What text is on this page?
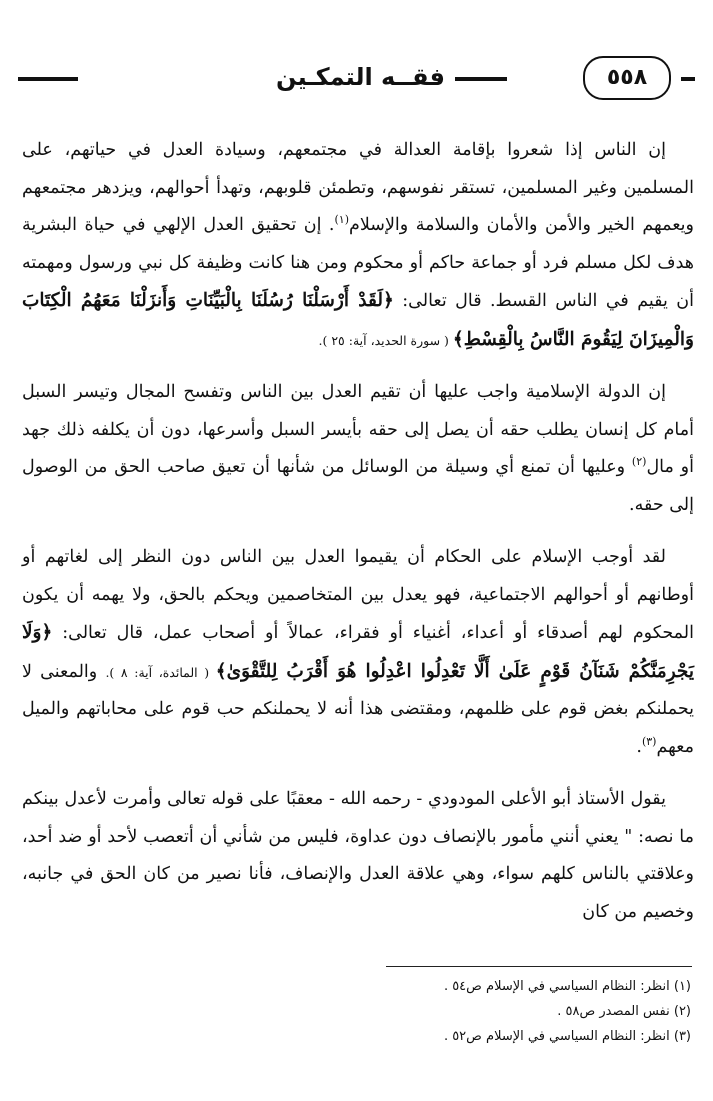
٥٥٨
فقــه التمكـين

إن الناس إذا شعروا بإقامة العدالة في مجتمعهم، وسيادة العدل في حياتهم، على المسلمين وغير المسلمين، تستقر نفوسهم، وتطمئن قلوبهم، وتهدأ أحوالهم، ويزدهر مجتمعهم ويعمهم الخير والأمن والأمان والسلامة والإسلام$^{(١)}$. إن تحقيق العدل الإلهي في حياة البشرية هدف لكل مسلم فرد أو جماعة حاكم أو محكوم ومن هنا كانت وظيفة كل نبي ورسول ومهمته أن يقيم في الناس القسط. قال تعالى: ﴿لَقَدْ أَرْسَلْنَا رُسُلَنَا بِالْبَيِّنَاتِ وَأَنزَلْنَا مَعَهُمُ الْكِتَابَ وَالْمِيزَانَ لِيَقُومَ النَّاسُ بِالْقِسْطِ﴾ ( سورة الحديد، آية: ٢٥ ).

إن الدولة الإسلامية واجب عليها أن تقيم العدل بين الناس وتفسح المجال وتيسر السبل أمام كل إنسان يطلب حقه أن يصل إلى حقه بأيسر السبل وأسرعها، دون أن يكلفه ذلك جهد أو مال$^{(٢)}$ وعليها أن تمنع أي وسيلة من الوسائل من شأنها أن تعيق صاحب الحق من الوصول إلى حقه.

لقد أوجب الإسلام على الحكام أن يقيموا العدل بين الناس دون النظر إلى لغاتهم أو أوطانهم أو أحوالهم الاجتماعية، فهو يعدل بين المتخاصمين ويحكم بالحق، ولا يهمه أن يكون المحكوم لهم أصدقاء أو أعداء، أغنياء أو فقراء، عمالاً أو أصحاب عمل، قال تعالى: ﴿وَلَا يَجْرِمَنَّكُمْ شَنَآنُ قَوْمٍ عَلَىٰ أَلَّا تَعْدِلُوا اعْدِلُوا هُوَ أَقْرَبُ لِلتَّقْوَىٰ﴾ ( المائدة، آية: ٨ ). والمعنى لا يحملنكم بغض قوم على ظلمهم، ومقتضى هذا أنه لا يحملنكم حب قوم على محاباتهم والميل معهم$^{(٣)}$.

يقول الأستاذ أبو الأعلى المودودي - رحمه الله - معقبًا على قوله تعالى وأمرت لأعدل بينكم ما نصه: " يعني أنني مأمور بالإنصاف دون عداوة، فليس من شأني أن أتعصب لأحد أو ضد أحد، وعلاقتي بالناس كلهم سواء، وهي علاقة العدل والإنصاف، فأنا نصير من كان الحق في جانبه، وخصيم من كان

(١) انظر: النظام السياسي في الإسلام ص٥٤ .

(٢) نفس المصدر ص٥٨ .

(٣) انظر: النظام السياسي في الإسلام ص٥٢ .
